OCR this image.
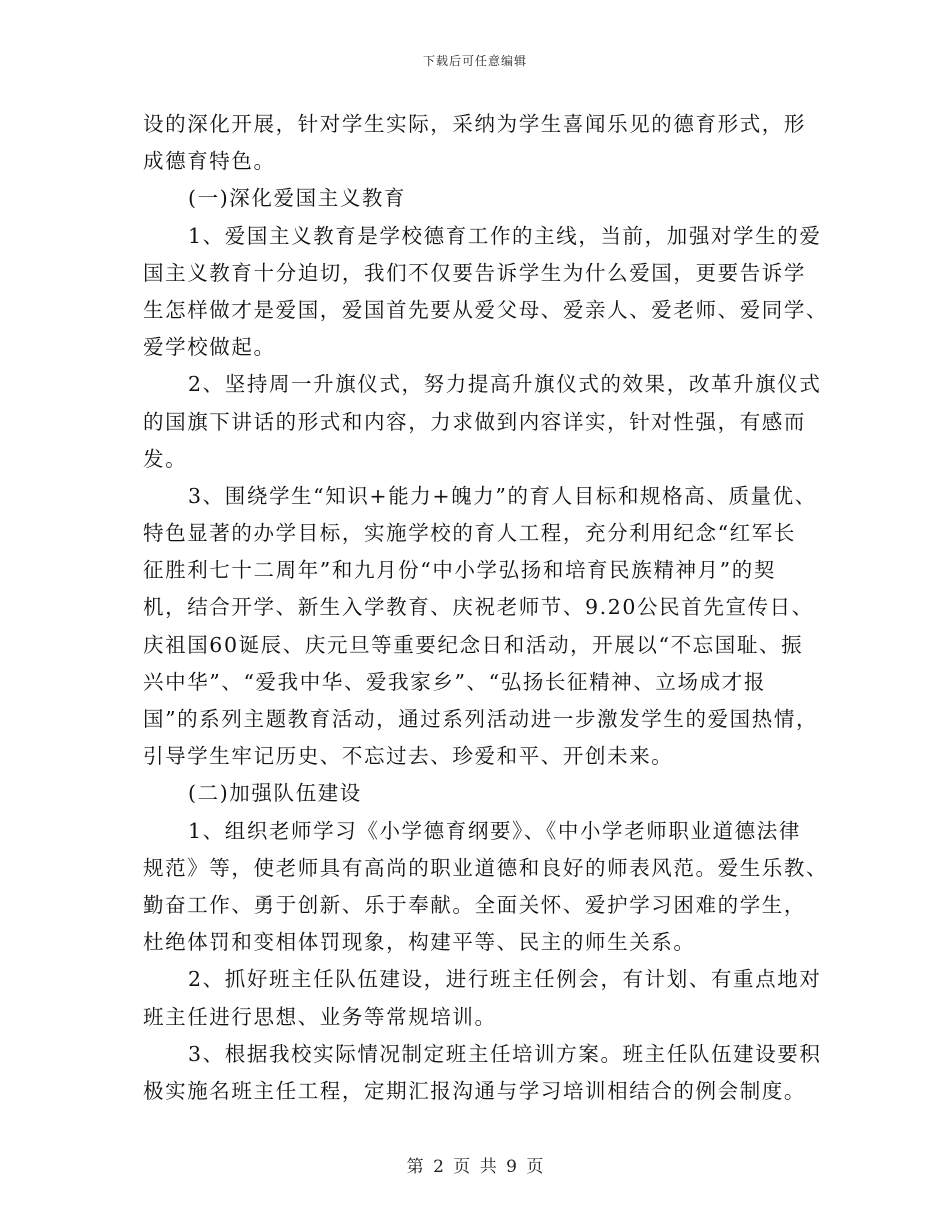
下载后可任意编辑
设的深化开展，针对学生实际，采纳为学生喜闻乐见的德育形式，形
成德育特色。
(一)深化爱国主义教育
1、爱国主义教育是学校德育工作的主线，当前，加强对学生的爱
国主义教育十分迫切，我们不仅要告诉学生为什么爱国，更要告诉学
生怎样做才是爱国，爱国首先要从爱父母、爱亲人、爱老师、爱同学、
爱学校做起。
2、坚持周一升旗仪式，努力提高升旗仪式的效果，改革升旗仪式
的国旗下讲话的形式和内容，力求做到内容详实，针对性强，有感而
发。
3、围绕学生“知识+能力+魄力”的育人目标和规格高、质量优、
特色显著的办学目标，实施学校的育人工程，充分利用纪念“红军长
征胜利七十二周年”和九月份“中小学弘扬和培育民族精神月”的契
机，结合开学、新生入学教育、庆祝老师节、9.20公民首先宣传日、
庆祖国60诞辰、庆元旦等重要纪念日和活动，开展以“不忘国耻、振
兴中华”、“爱我中华、爱我家乡”、“弘扬长征精神、立场成才报
国”的系列主题教育活动，通过系列活动进一步激发学生的爱国热情，
引导学生牢记历史、不忘过去、珍爱和平、开创未来。
(二)加强队伍建设
1、组织老师学习《小学德育纲要》、《中小学老师职业道德法律
规范》等，使老师具有高尚的职业道德和良好的师表风范。爱生乐教、
勤奋工作、勇于创新、乐于奉献。全面关怀、爱护学习困难的学生，
杜绝体罚和变相体罚现象，构建平等、民主的师生关系。
2、抓好班主任队伍建设，进行班主任例会，有计划、有重点地对
班主任进行思想、业务等常规培训。
3、根据我校实际情况制定班主任培训方案。班主任队伍建设要积
极实施名班主任工程，定期汇报沟通与学习培训相结合的例会制度。
第 2 页 共 9 页
